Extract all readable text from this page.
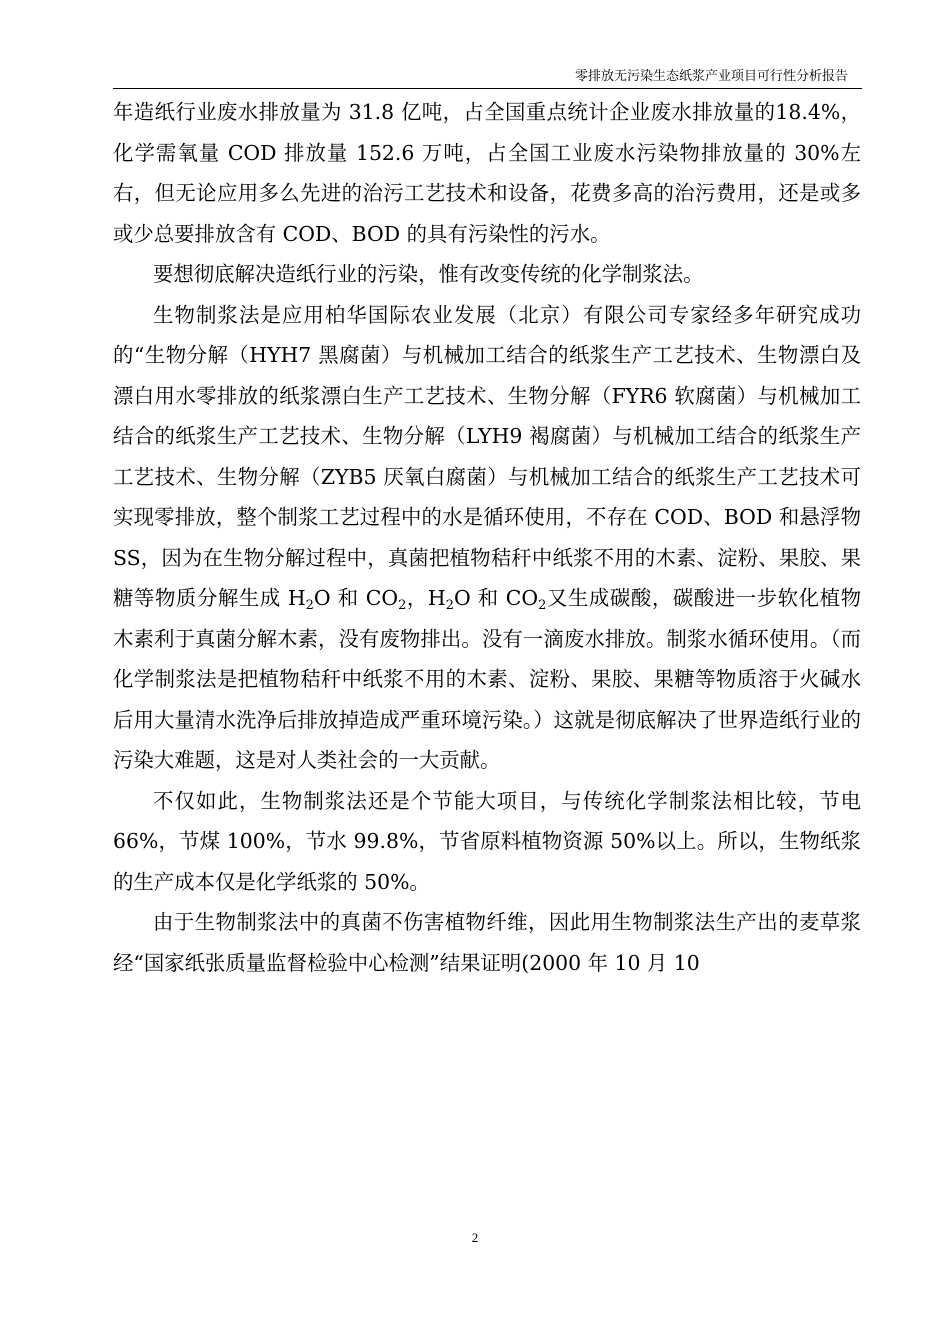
零排放无污染生态纸浆产业项目可行性分析报告

年造纸行业废水排放量为 31.8 亿吨，占全国重点统计企业废水排放量的18.4%，化学需氧量 COD 排放量 152.6 万吨，占全国工业废水污染物排放量的 30%左右，但无论应用多么先进的治污工艺技术和设备，花费多高的治污费用，还是或多或少总要排放含有 COD、BOD 的具有污染性的污水。

要想彻底解决造纸行业的污染，惟有改变传统的化学制浆法。

生物制浆法是应用柏华国际农业发展（北京）有限公司专家经多年研究成功的“生物分解（HYH7 黑腐菌）与机械加工结合的纸浆生产工艺技术、生物漂白及漂白用水零排放的纸浆漂白生产工艺技术、生物分解（FYR6 软腐菌）与机械加工结合的纸浆生产工艺技术、生物分解（LYH9 褐腐菌）与机械加工结合的纸浆生产工艺技术、生物分解（ZYB5 厌氧白腐菌）与机械加工结合的纸浆生产工艺技术可实现零排放，整个制浆工艺过程中的水是循环使用，不存在 COD、BOD 和悬浮物 SS，因为在生物分解过程中，真菌把植物秸秆中纸浆不用的木素、淀粉、果胶、果糖等物质分解生成 $H_2O$ 和 $CO_2$，$H_2O$ 和 $CO_2$又生成碳酸，碳酸进一步软化植物木素利于真菌分解木素，没有废物排出。没有一滴废水排放。制浆水循环使用。（而化学制浆法是把植物秸秆中纸浆不用的木素、淀粉、果胶、果糖等物质溶于火碱水后用大量清水洗净后排放掉造成严重环境污染。）这就是彻底解决了世界造纸行业的污染大难题，这是对人类社会的一大贡献。

不仅如此，生物制浆法还是个节能大项目，与传统化学制浆法相比较，节电 66%，节煤 100%，节水 99.8%，节省原料植物资源 50%以上。所以，生物纸浆的生产成本仅是化学纸浆的 50%。

由于生物制浆法中的真菌不伤害植物纤维，因此用生物制浆法生产出的麦草浆经“国家纸张质量监督检验中心检测”结果证明(2000 年 10 月 10

2
